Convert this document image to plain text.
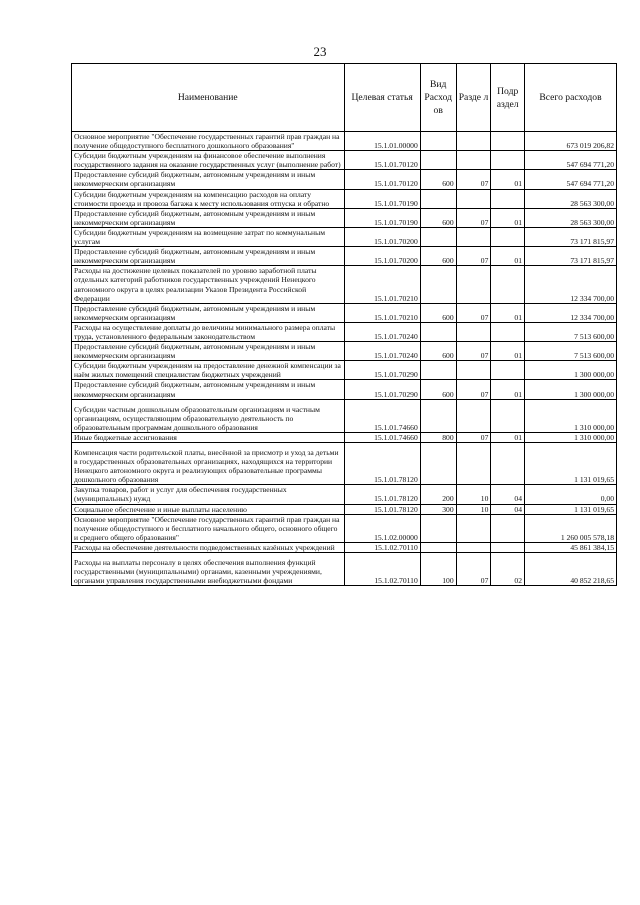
23
Наименование	Целевая статья	Вид Расход ов	Разде л	Подр аздел	Всего расходов
Основное мероприятие "Обеспечение государственных гарантий прав граждан на получение общедоступного бесплатного дошкольного образования"	15.1.01.00000				673 019 206,82
Субсидии бюджетным учреждениям на финансовое обеспечение выполнения государственного задания на оказание государственных услуг (выполнение работ)	15.1.01.70120				547 694 771,20
Предоставление субсидий бюджетным, автономным учреждениям и иным некоммерческим организациям	15.1.01.70120	600	07	01	547 694 771,20
Субсидии бюджетным учреждениям на компенсацию расходов на оплату стоимости проезда и провоза багажа к месту использования отпуска и обратно	15.1.01.70190				28 563 300,00
Предоставление субсидий бюджетным, автономным учреждениям и иным некоммерческим организациям	15.1.01.70190	600	07	01	28 563 300,00
Субсидии бюджетным учреждениям на возмещение затрат по коммунальным услугам	15.1.01.70200				73 171 815,97
Предоставление субсидий бюджетным, автономным учреждениям и иным некоммерческим организациям	15.1.01.70200	600	07	01	73 171 815,97
Расходы на достижение целевых показателей по уровню заработной платы отдельных категорий работников государственных учреждений Ненецкого автономного округа в целях реализации Указов Президента Российской Федерации	15.1.01.70210				12 334 700,00
Предоставление субсидий бюджетным, автономным учреждениям и иным некоммерческим организациям	15.1.01.70210	600	07	01	12 334 700,00
Расходы на осуществление доплаты до величины минимального размера оплаты труда, установленного федеральным законодательством	15.1.01.70240				7 513 600,00
Предоставление субсидий бюджетным, автономным учреждениям и иным некоммерческим организациям	15.1.01.70240	600	07	01	7 513 600,00
Субсидии бюджетным учреждениям на предоставление денежной компенсации за наём жилых помещений специалистам бюджетных учреждений	15.1.01.70290				1 300 000,00
Предоставление субсидий бюджетным, автономным учреждениям и иным некоммерческим организациям	15.1.01.70290	600	07	01	1 300 000,00
Субсидии частным дошкольным образовательным организациям и частным организациям, осуществляющим образовательную деятельность по образовательным программам дошкольного образования	15.1.01.74660				1 310 000,00
Иные бюджетные ассигнования	15.1.01.74660	800	07	01	1 310 000,00
Компенсация части родительской платы, внесённой за присмотр и уход за детьми в государственных образовательных организациях, находящихся на территории Ненецкого автономного округа и реализующих образовательные программы дошкольного образования	15.1.01.78120				1 131 019,65
Закупка товаров, работ и услуг для обеспечения государственных (муниципальных) нужд	15.1.01.78120	200	10	04	0,00
Социальное обеспечение и иные выплаты населению	15.1.01.78120	300	10	04	1 131 019,65
Основное мероприятие "Обеспечение государственных гарантий прав граждан на получение общедоступного и бесплатного начального общего, основного общего и среднего общего образования"	15.1.02.00000				1 260 005 578,18
Расходы на обеспечение деятельности подведомственных казённых учреждений	15.1.02.70110				45 861 384,15
Расходы на выплаты персоналу в целях обеспечения выполнения функций государственными (муниципальными) органами, казенными учреждениями, органами управления государственными внебюджетными фондами	15.1.02.70110	100	07	02	40 852 218,65
